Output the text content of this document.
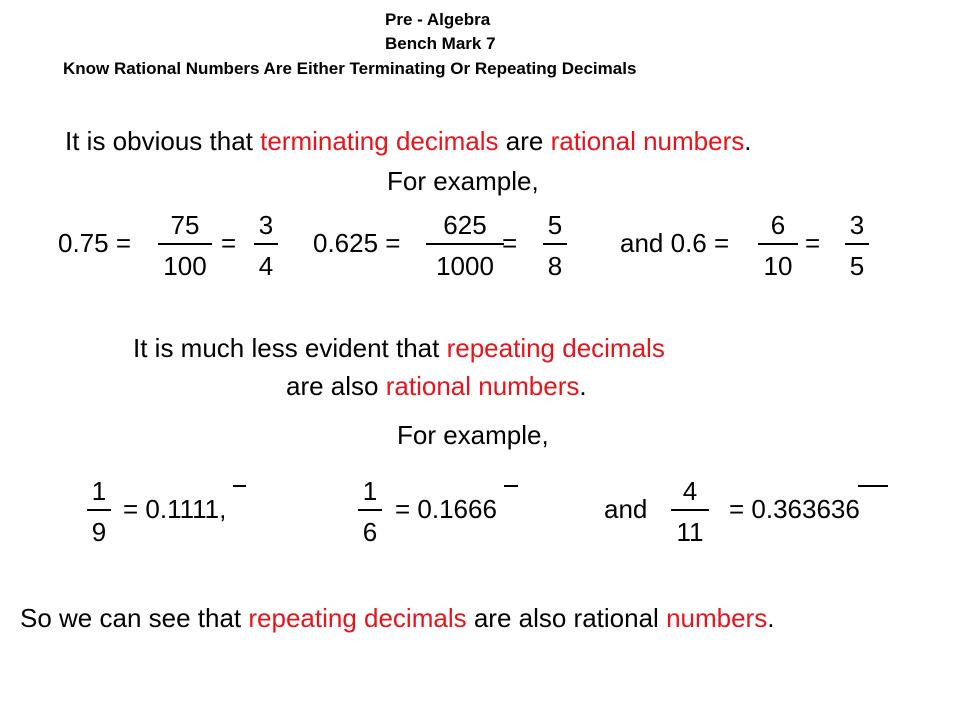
Pre - Algebra
Bench Mark 7
Know Rational Numbers Are Either Terminating Or Repeating Decimals
It is obvious that terminating decimals are rational numbers.
For example,
$0.75 = \frac{75}{100} = \frac{3}{4} 0.625 = \frac{625}{1000}$
= $\frac{5}{8}$ and $0.6 = \frac{6}{10} = \frac{3}{5}$
It is much less evident that repeating decimals
are also rational numbers.
For example,
$\frac{1}{9} = 0.1111$,	$\frac{1}{6} = 0.1666$	and $\frac{4}{11} = 0.363636$
So we can see that repeating decimals are also rational numbers.
